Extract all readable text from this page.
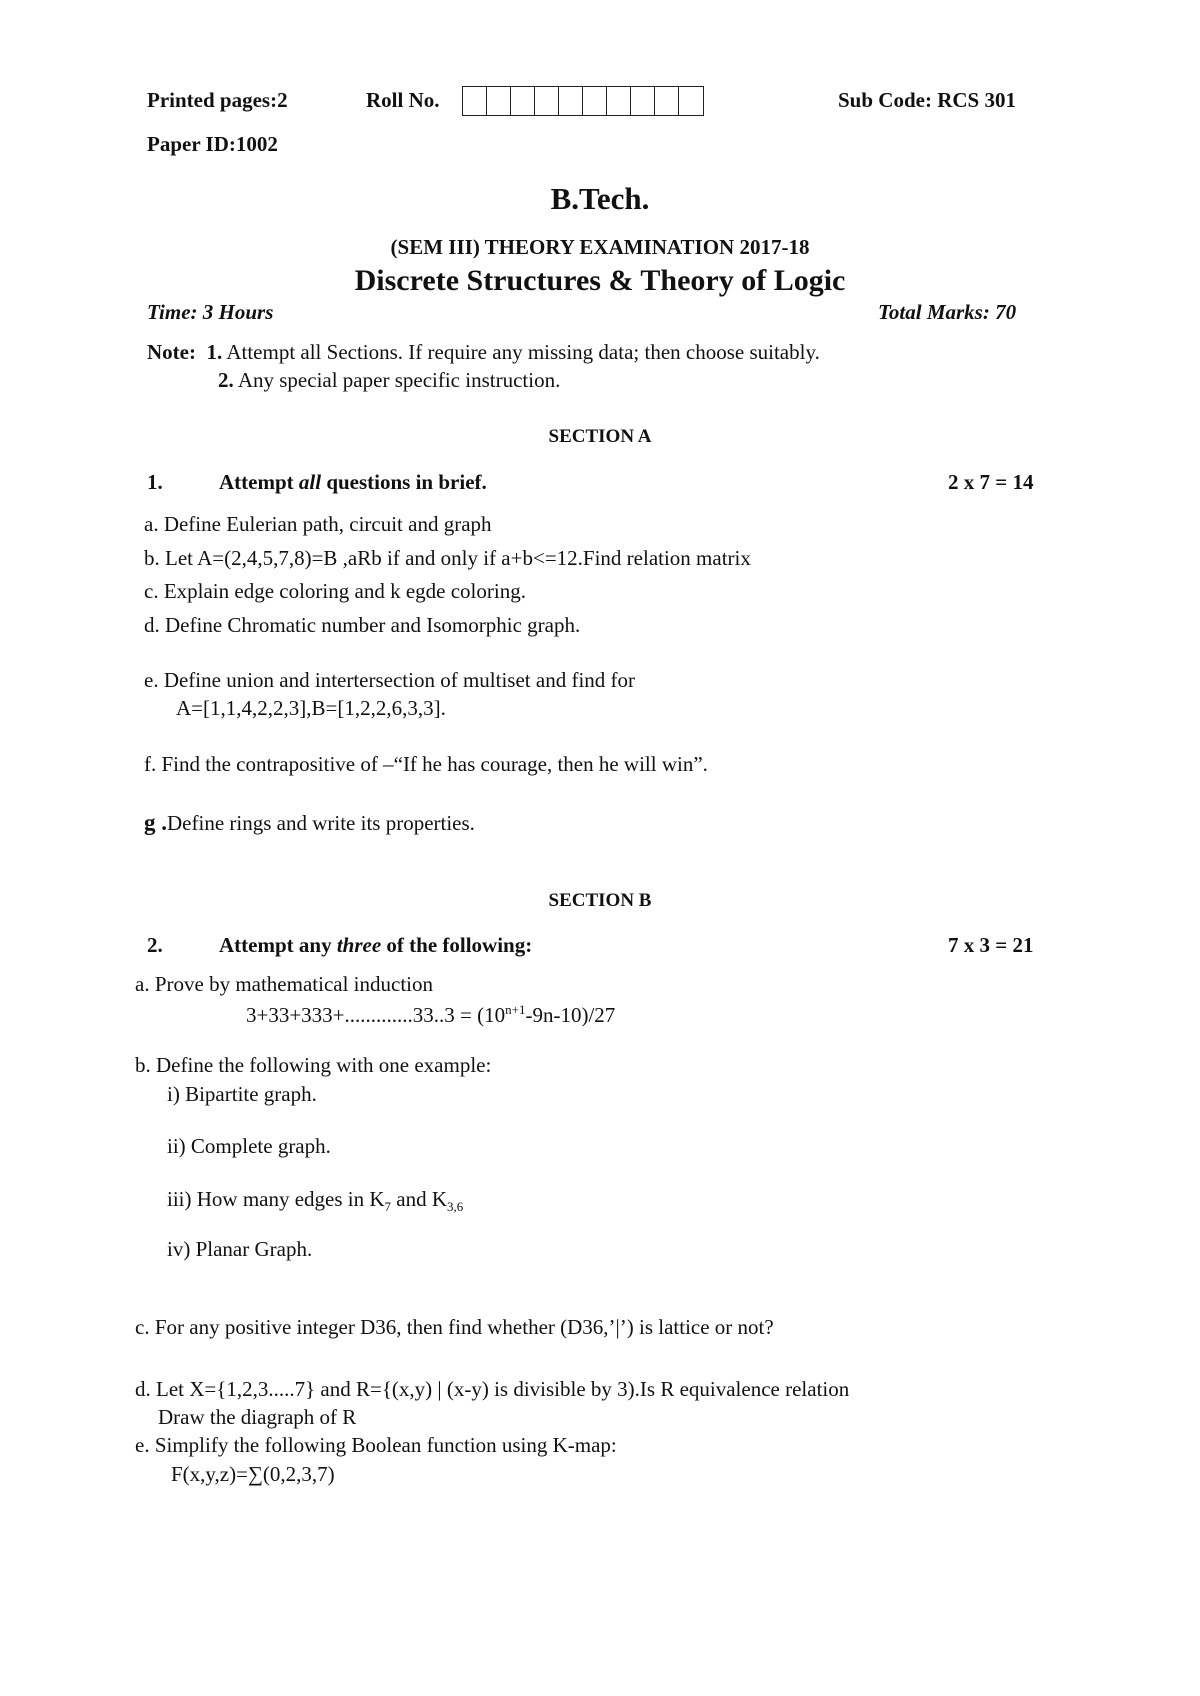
Printed pages:2	Roll No.	Sub Code: RCS 301
Paper ID:1002
B.Tech.
(SEM III) THEORY EXAMINATION 2017-18
Discrete Structures & Theory of Logic
Time: 3 Hours	Total Marks: 70
Note: 1. Attempt all Sections. If require any missing data; then choose suitably.
2. Any special paper specific instruction.
SECTION A
1.	Attempt all questions in brief.	2 x 7 = 14
a. Define Eulerian path, circuit and graph
b. Let A=(2,4,5,7,8)=B ,aRb if and only if a+b<=12.Find relation matrix
c. Explain edge coloring and k egde coloring.
d. Define Chromatic number and Isomorphic graph.
e. Define union and intertersection of multiset and find for
A=[1,1,4,2,2,3],B=[1,2,2,6,3,3].
f. Find the contrapositive of –“If he has courage, then he will win”.
g .Define rings and write its properties.
SECTION B
2.	Attempt any three of the following:	7 x 3 = 21
a. Prove by mathematical induction
$3+33+333+.............33..3 = (10^{n+1}-9n-10)/27$
b. Define the following with one example:
i) Bipartite graph.
ii) Complete graph.
iii) How many edges in $K_7$ and $K_{3,6}$
iv) Planar Graph.
c. For any positive integer D36, then find whether (D36,’|’) is lattice or not?
d. Let X={1,2,3.....7} and R={(x,y) | (x-y) is divisible by 3).Is R equivalence relation
Draw the diagraph of R
e. Simplify the following Boolean function using K-map:
F(x,y,z)=∑(0,2,3,7)
